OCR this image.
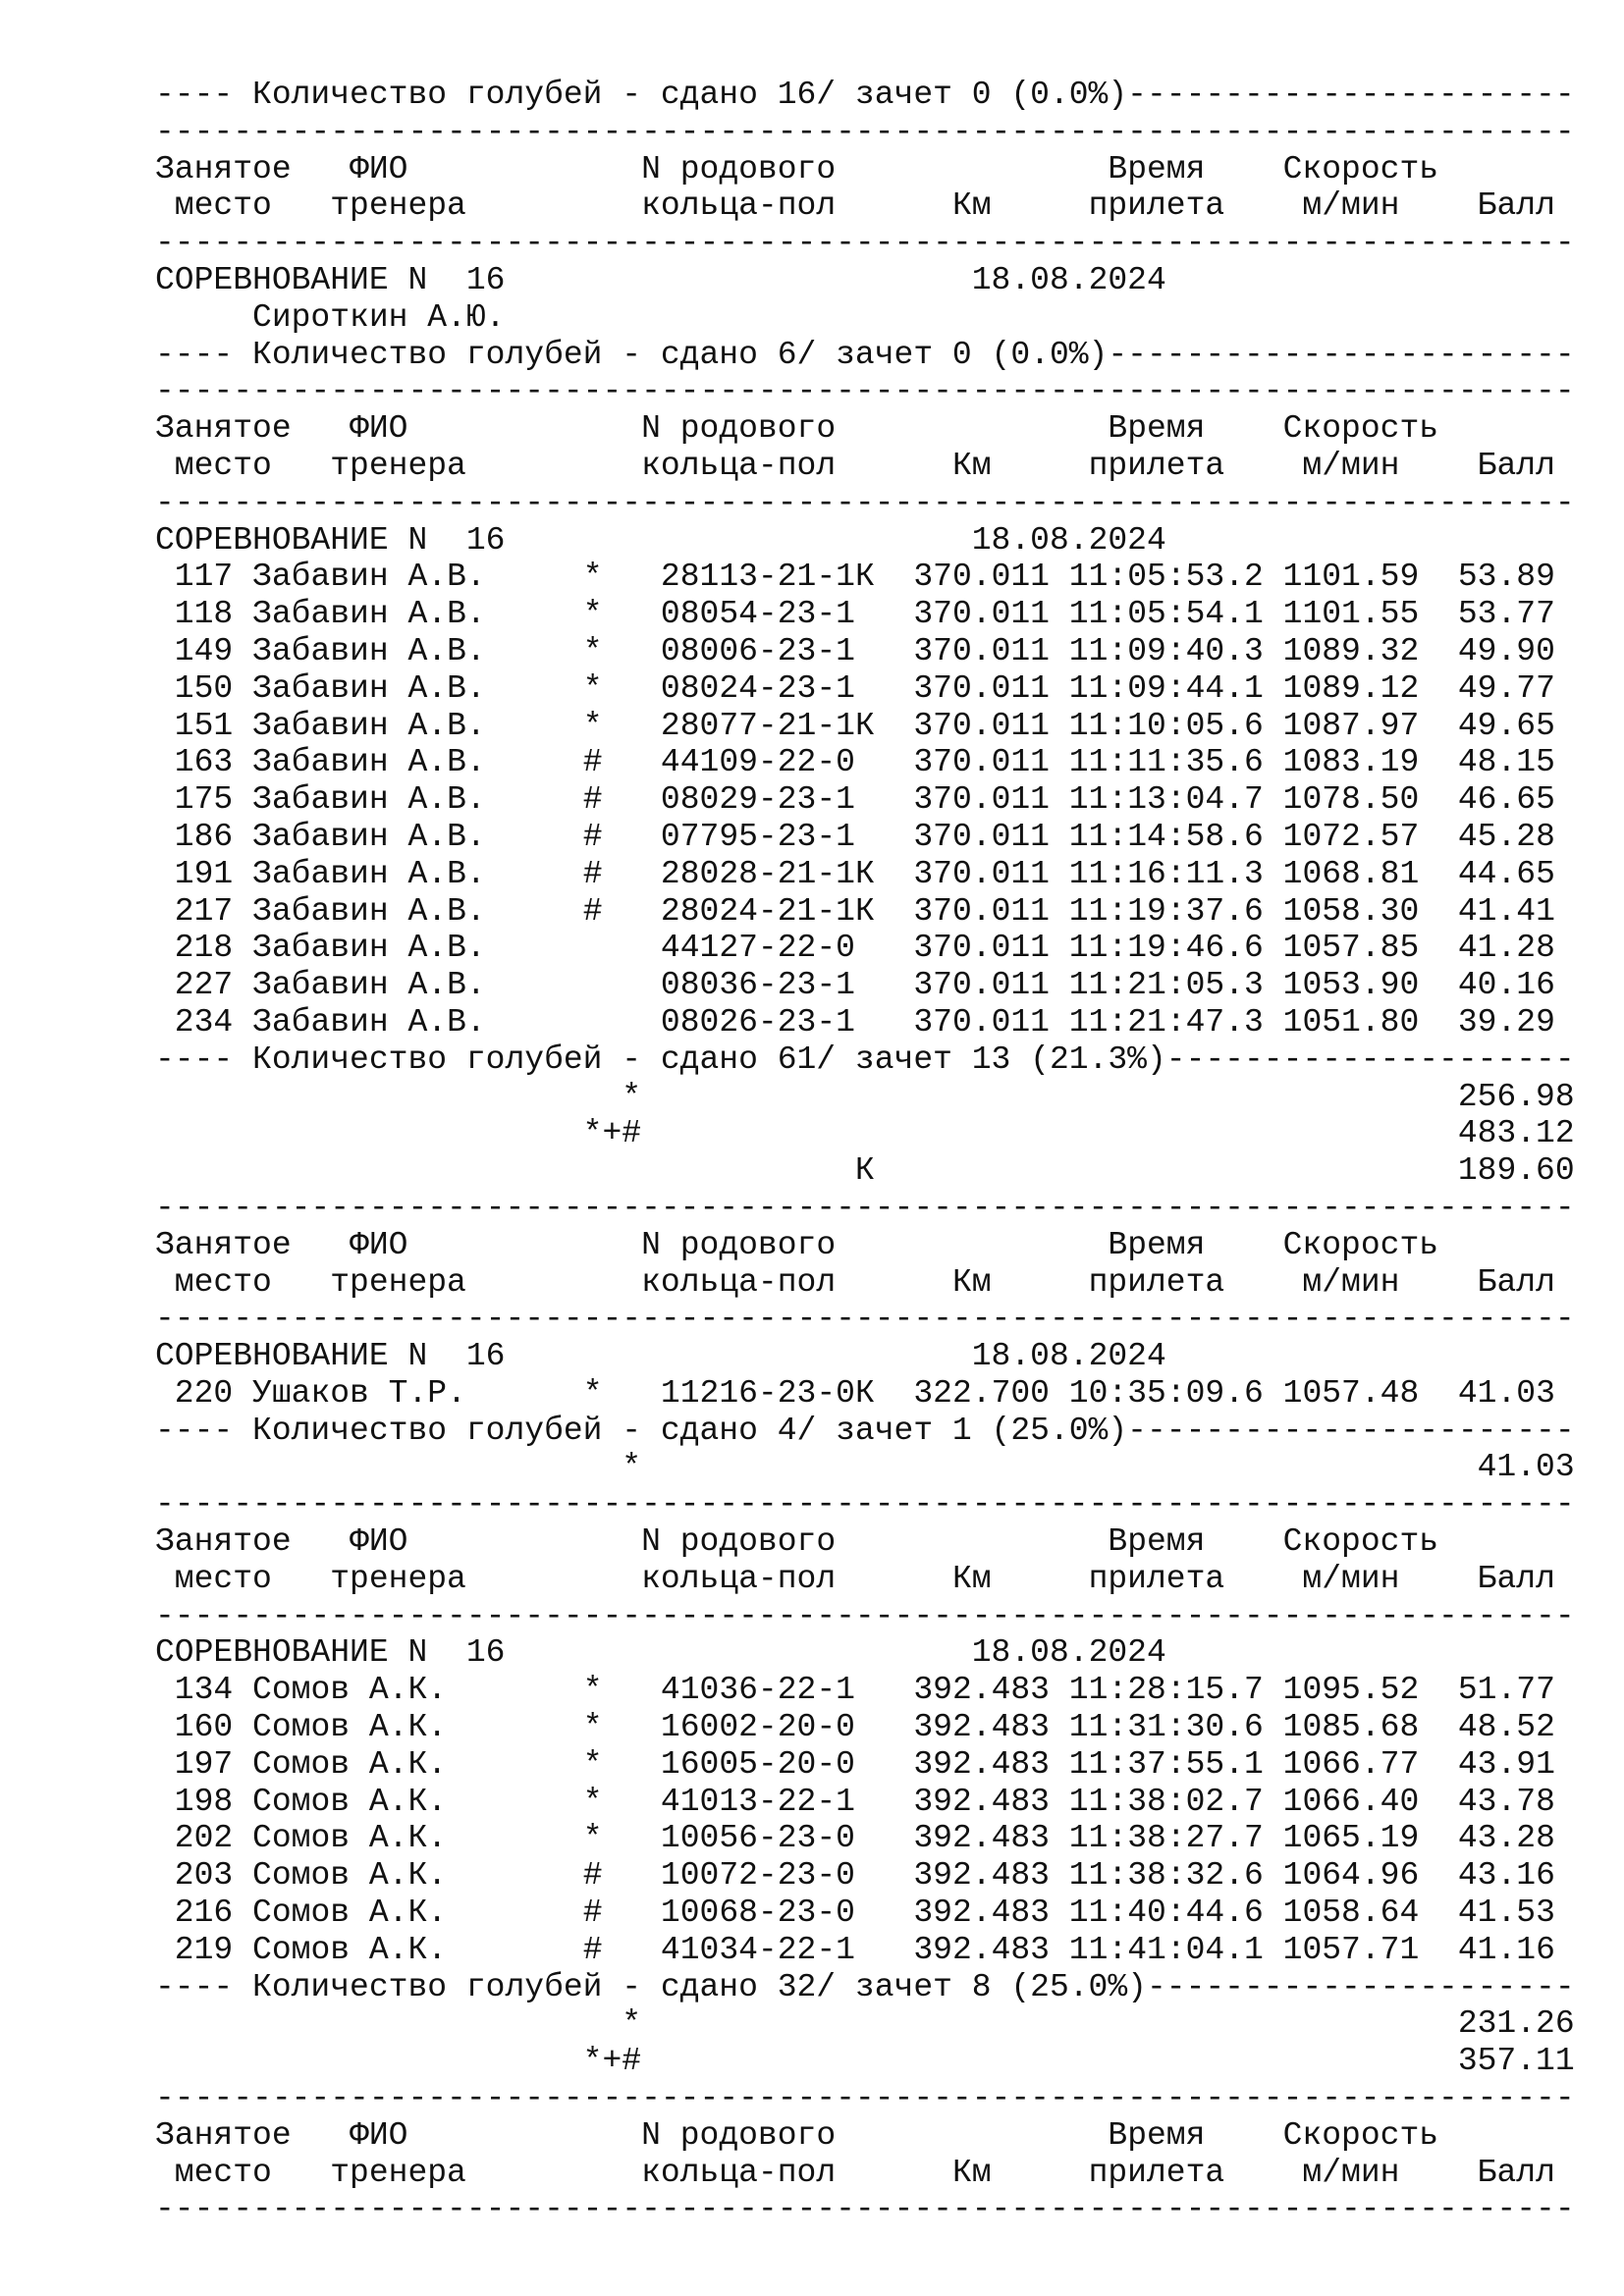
---- Количество голубей - сдано 16/ зачет 0 (0.0%)-----------------------
-------------------------------------------------------------------------
Занятое   ФИО            N родового              Время    Скорость
место   тренера         кольца-пол      Км     прилета    м/мин    Балл
-------------------------------------------------------------------------
СОРЕВНОВАНИЕ N  16                        18.08.2024
Сироткин А.Ю.
---- Количество голубей - сдано 6/ зачет 0 (0.0%)------------------------
-------------------------------------------------------------------------
Занятое   ФИО            N родового              Время    Скорость
место   тренера         кольца-пол      Км     прилета    м/мин    Балл
-------------------------------------------------------------------------
СОРЕВНОВАНИЕ N  16                        18.08.2024
117 Забавин А.В.     *   28113-21-1К  370.011 11:05:53.2 1101.59  53.89
118 Забавин А.В.     *   08054-23-1   370.011 11:05:54.1 1101.55  53.77
149 Забавин А.В.     *   08006-23-1   370.011 11:09:40.3 1089.32  49.90
150 Забавин А.В.     *   08024-23-1   370.011 11:09:44.1 1089.12  49.77
151 Забавин А.В.     *   28077-21-1К  370.011 11:10:05.6 1087.97  49.65
163 Забавин А.В.     #   44109-22-0   370.011 11:11:35.6 1083.19  48.15
175 Забавин А.В.     #   08029-23-1   370.011 11:13:04.7 1078.50  46.65
186 Забавин А.В.     #   07795-23-1   370.011 11:14:58.6 1072.57  45.28
191 Забавин А.В.     #   28028-21-1К  370.011 11:16:11.3 1068.81  44.65
217 Забавин А.В.     #   28024-21-1К  370.011 11:19:37.6 1058.30  41.41
218 Забавин А.В.         44127-22-0   370.011 11:19:46.6 1057.85  41.28
227 Забавин А.В.         08036-23-1   370.011 11:21:05.3 1053.90  40.16
234 Забавин А.В.         08026-23-1   370.011 11:21:47.3 1051.80  39.29
---- Количество голубей - сдано 61/ зачет 13 (21.3%)---------------------
*                                          256.98
*+#                                          483.12
К                              189.60
-------------------------------------------------------------------------
Занятое   ФИО            N родового              Время    Скорость
место   тренера         кольца-пол      Км     прилета    м/мин    Балл
-------------------------------------------------------------------------
СОРЕВНОВАНИЕ N  16                        18.08.2024
220 Ушаков Т.Р.      *   11216-23-0К  322.700 10:35:09.6 1057.48  41.03
---- Количество голубей - сдано 4/ зачет 1 (25.0%)-----------------------
*                                           41.03
-------------------------------------------------------------------------
Занятое   ФИО            N родового              Время    Скорость
место   тренера         кольца-пол      Км     прилета    м/мин    Балл
-------------------------------------------------------------------------
СОРЕВНОВАНИЕ N  16                        18.08.2024
134 Сомов А.К.       *   41036-22-1   392.483 11:28:15.7 1095.52  51.77
160 Сомов А.К.       *   16002-20-0   392.483 11:31:30.6 1085.68  48.52
197 Сомов А.К.       *   16005-20-0   392.483 11:37:55.1 1066.77  43.91
198 Сомов А.К.       *   41013-22-1   392.483 11:38:02.7 1066.40  43.78
202 Сомов А.К.       *   10056-23-0   392.483 11:38:27.7 1065.19  43.28
203 Сомов А.К.       #   10072-23-0   392.483 11:38:32.6 1064.96  43.16
216 Сомов А.К.       #   10068-23-0   392.483 11:40:44.6 1058.64  41.53
219 Сомов А.К.       #   41034-22-1   392.483 11:41:04.1 1057.71  41.16
---- Количество голубей - сдано 32/ зачет 8 (25.0%)----------------------
*                                          231.26
*+#                                          357.11
-------------------------------------------------------------------------
Занятое   ФИО            N родового              Время    Скорость
место   тренера         кольца-пол      Км     прилета    м/мин    Балл
-------------------------------------------------------------------------
